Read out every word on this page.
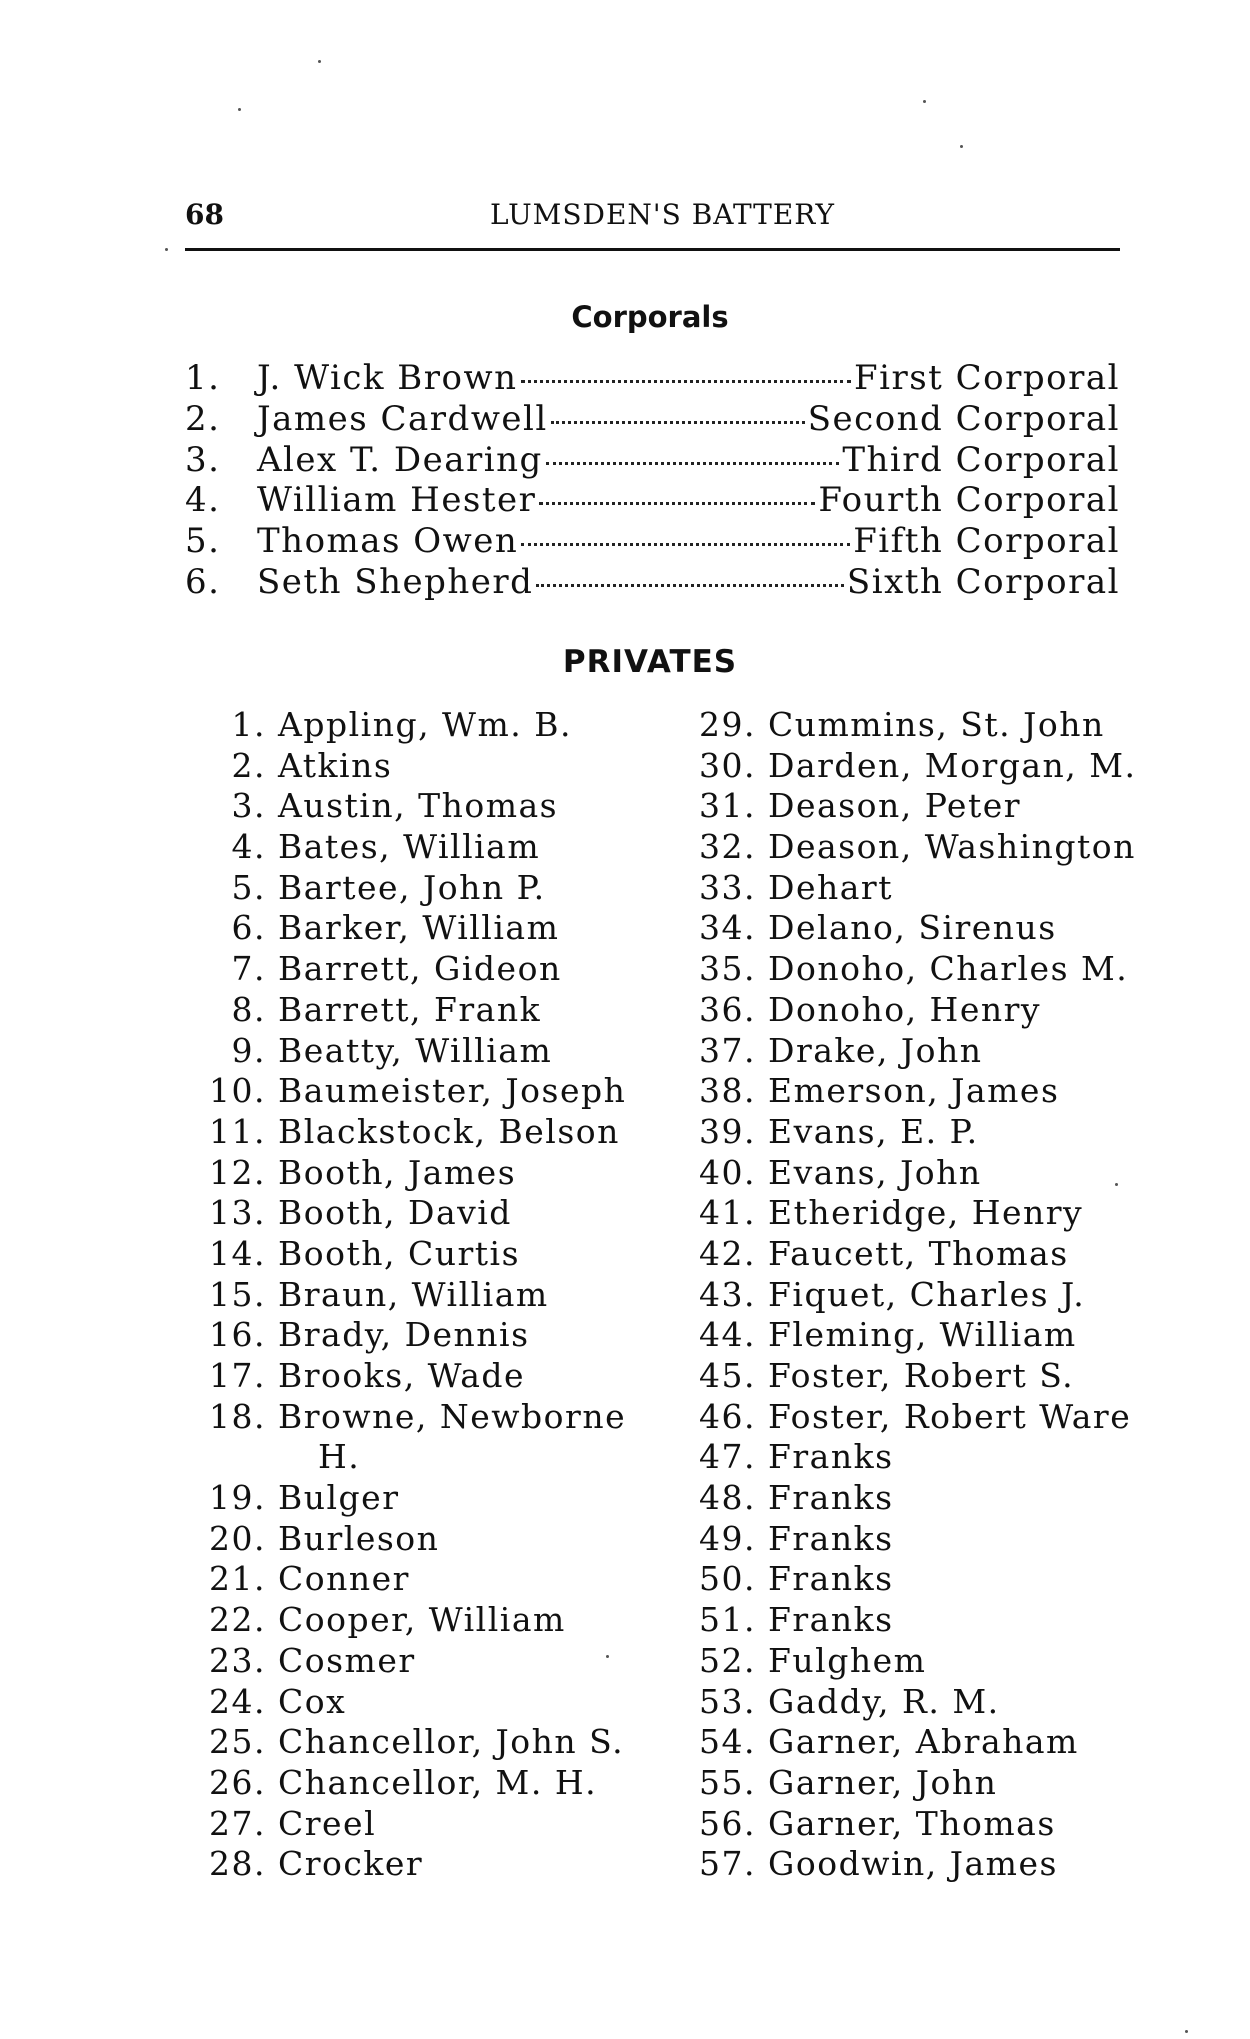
68	LUMSDEN'S BATTERY
Corporals
1.	J. Wick Brown	First Corporal
2.	James Cardwell	Second Corporal
3.	Alex T. Dearing	Third Corporal
4.	William Hester	Fourth Corporal
5.	Thomas Owen	Fifth Corporal
6.	Seth Shepherd	Sixth Corporal
PRIVATES
1. Appling, Wm. B.
2. Atkins
3. Austin, Thomas
4. Bates, William
5. Bartee, John P.
6. Barker, William
7. Barrett, Gideon
8. Barrett, Frank
9. Beatty, William
10. Baumeister, Joseph
11. Blackstock, Belson
12. Booth, James
13. Booth, David
14. Booth, Curtis
15. Braun, William
16. Brady, Dennis
17. Brooks, Wade
18. Browne, Newborne
H.
19. Bulger
20. Burleson
21. Conner
22. Cooper, William
23. Cosmer
24. Cox
25. Chancellor, John S.
26. Chancellor, M. H.
27. Creel
28. Crocker
29. Cummins, St. John
30. Darden, Morgan, M.
31. Deason, Peter
32. Deason, Washington
33. Dehart
34. Delano, Sirenus
35. Donoho, Charles M.
36. Donoho, Henry
37. Drake, John
38. Emerson, James
39. Evans, E. P.
40. Evans, John
41. Etheridge, Henry
42. Faucett, Thomas
43. Fiquet, Charles J.
44. Fleming, William
45. Foster, Robert S.
46. Foster, Robert Ware
47. Franks
48. Franks
49. Franks
50. Franks
51. Franks
52. Fulghem
53. Gaddy, R. M.
54. Garner, Abraham
55. Garner, John
56. Garner, Thomas
57. Goodwin, James
